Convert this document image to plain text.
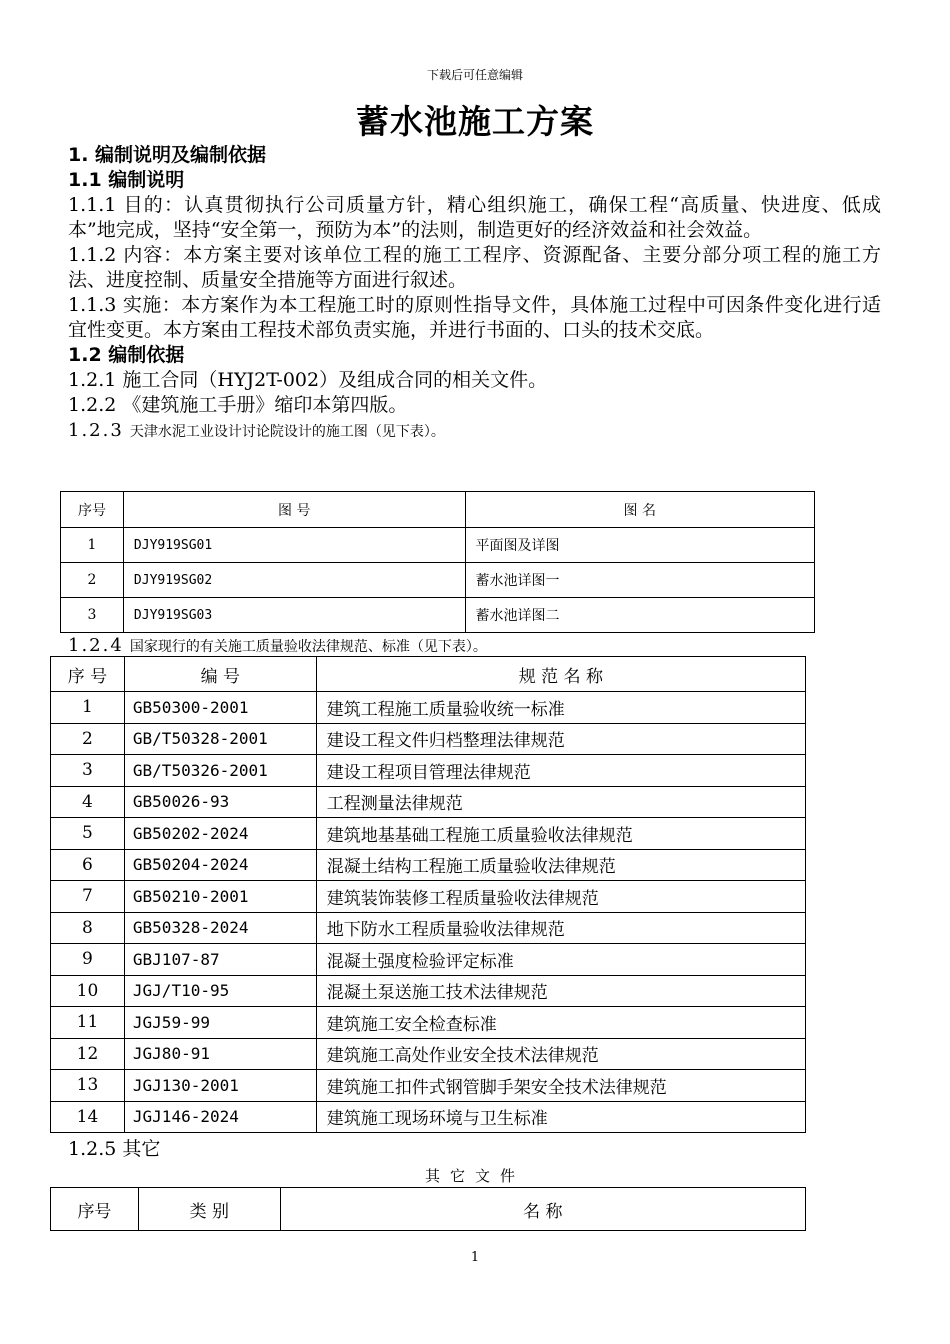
下载后可任意编辑
蓄水池施工方案
1. 编制说明及编制依据
1.1 编制说明
1.1.1 目的：认真贯彻执行公司质量方针，精心组织施工，确保工程“高质量、快进度、低成本”地完成，坚持“安全第一，预防为本”的法则，制造更好的经济效益和社会效益。
1.1.2 内容：本方案主要对该单位工程的施工工程序、资源配备、主要分部分项工程的施工方法、进度控制、质量安全措施等方面进行叙述。
1.1.3 实施：本方案作为本工程施工时的原则性指导文件，具体施工过程中可因条件变化进行适宜性变更。本方案由工程技术部负责实施，并进行书面的、口头的技术交底。
1.2 编制依据
1.2.1 施工合同（HYJ2T-002）及组成合同的相关文件。
1.2.2 《建筑施工手册》缩印本第四版。
1.2.3 天津水泥工业设计讨论院设计的施工图（见下表）。
序号	图 号	图 名
1	DJY919SG01	平面图及详图
2	DJY919SG02	蓄水池详图一
3	DJY919SG03	蓄水池详图二
1.2.4 国家现行的有关施工质量验收法律规范、标准（见下表）。
序 号	编 号	规 范 名 称
1	GB50300-2001	建筑工程施工质量验收统一标准
2	GB/T50328-2001	建设工程文件归档整理法律规范
3	GB/T50326-2001	建设工程项目管理法律规范
4	GB50026-93	工程测量法律规范
5	GB50202-2024	建筑地基基础工程施工质量验收法律规范
6	GB50204-2024	混凝土结构工程施工质量验收法律规范
7	GB50210-2001	建筑装饰装修工程质量验收法律规范
8	GB50328-2024	地下防水工程质量验收法律规范
9	GBJ107-87	混凝土强度检验评定标准
10	JGJ/T10-95	混凝土泵送施工技术法律规范
11	JGJ59-99	建筑施工安全检查标准
12	JGJ80-91	建筑施工高处作业安全技术法律规范
13	JGJ130-2001	建筑施工扣件式钢管脚手架安全技术法律规范
14	JGJ146-2024	建筑施工现场环境与卫生标准
1.2.5 其它
其它文件
序号	类 别	名 称
1
